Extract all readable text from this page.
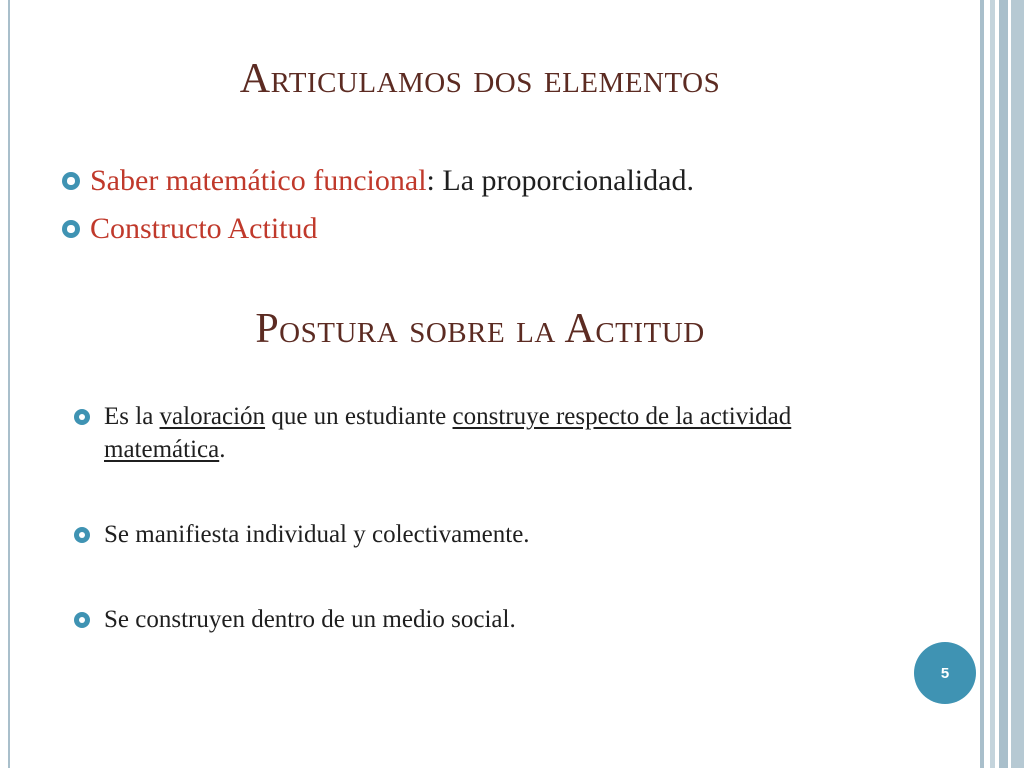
Articulamos dos elementos
Saber matemático funcional: La proporcionalidad.
Constructo Actitud
Postura sobre la Actitud
Es la valoración que un estudiante construye respecto de la actividad matemática.
Se manifiesta individual y colectivamente.
Se construyen dentro de un medio social.
5
